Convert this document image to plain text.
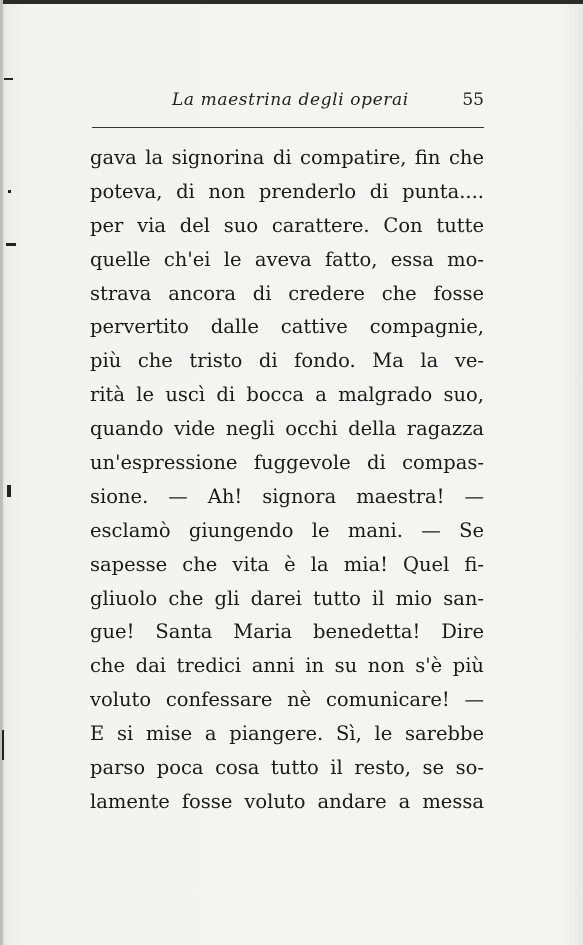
La maestrina degli operai	55
gava la signorina di compatire, fin che
poteva, di non prenderlo di punta....
per via del suo carattere. Con tutte
quelle ch'ei le aveva fatto, essa mo-
strava ancora di credere che fosse
pervertito dalle cattive compagnie,
più che tristo di fondo. Ma la ve-
rità le uscì di bocca a malgrado suo,
quando vide negli occhi della ragazza
un'espressione fuggevole di compas-
sione. — Ah! signora maestra! —
esclamò giungendo le mani. — Se
sapesse che vita è la mia! Quel fi-
gliuolo che gli darei tutto il mio san-
gue! Santa Maria benedetta! Dire
che dai tredici anni in su non s'è più
voluto confessare nè comunicare! —
E si mise a piangere. Sì, le sarebbe
parso poca cosa tutto il resto, se so-
lamente fosse voluto andare a messa
